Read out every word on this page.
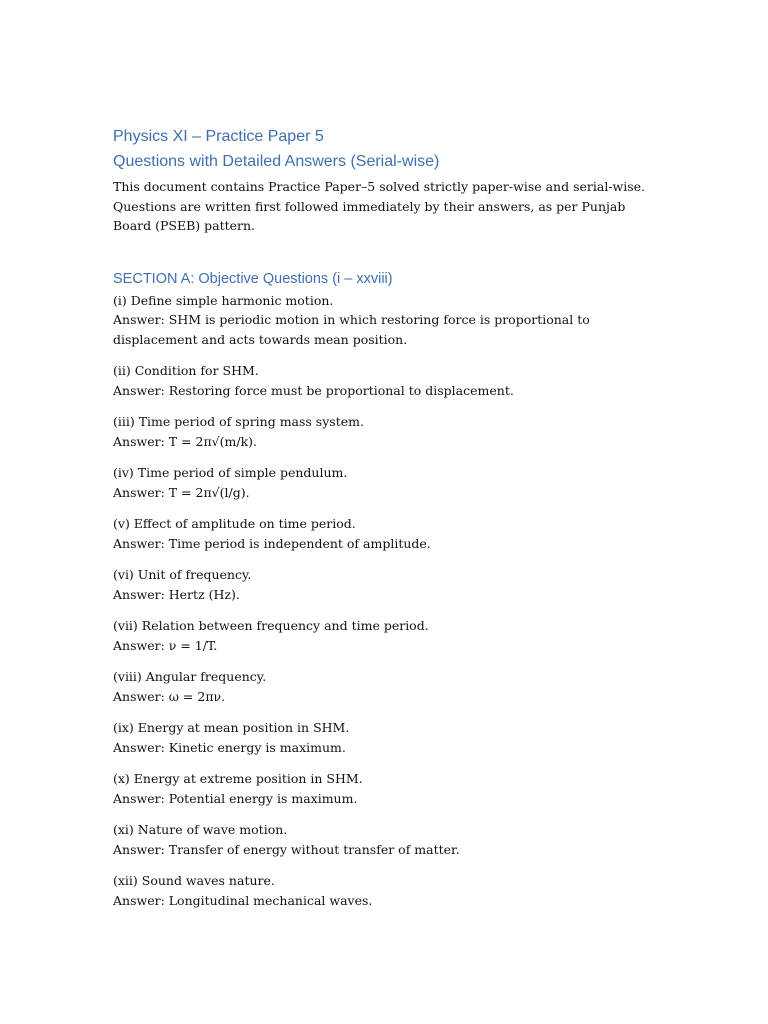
Physics XI – Practice Paper 5
Questions with Detailed Answers (Serial-wise)

This document contains Practice Paper–5 solved strictly paper-wise and serial-wise. Questions are written first followed immediately by their answers, as per Punjab Board (PSEB) pattern.

SECTION A: Objective Questions (i – xxviii)
(i) Define simple harmonic motion.
Answer: SHM is periodic motion in which restoring force is proportional to displacement and acts towards mean position.
(ii) Condition for SHM.
Answer: Restoring force must be proportional to displacement.
(iii) Time period of spring mass system.
Answer: T = 2π√(m/k).
(iv) Time period of simple pendulum.
Answer: T = 2π√(l/g).
(v) Effect of amplitude on time period.
Answer: Time period is independent of amplitude.
(vi) Unit of frequency.
Answer: Hertz (Hz).
(vii) Relation between frequency and time period.
Answer: ν = 1/T.
(viii) Angular frequency.
Answer: ω = 2πν.
(ix) Energy at mean position in SHM.
Answer: Kinetic energy is maximum.
(x) Energy at extreme position in SHM.
Answer: Potential energy is maximum.
(xi) Nature of wave motion.
Answer: Transfer of energy without transfer of matter.
(xii) Sound waves nature.
Answer: Longitudinal mechanical waves.
